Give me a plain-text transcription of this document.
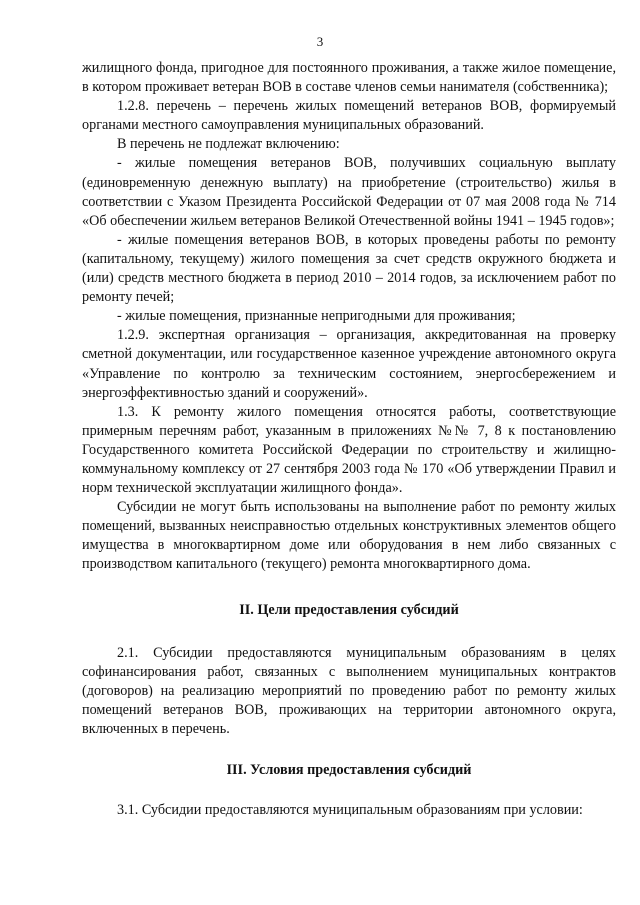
3

жилищного фонда, пригодное для постоянного проживания, а также жилое помещение, в котором проживает ветеран ВОВ в составе членов семьи нанимателя (собственника);

1.2.8. перечень – перечень жилых помещений ветеранов ВОВ, формируемый органами местного самоуправления муниципальных образований.

В перечень не подлежат включению:

- жилые помещения ветеранов ВОВ, получивших социальную выплату (единовременную денежную выплату) на приобретение (строительство) жилья в соответствии с Указом Президента Российской Федерации от 07 мая 2008 года № 714 «Об обеспечении жильем ветеранов Великой Отечественной войны 1941 – 1945 годов»;

- жилые помещения ветеранов ВОВ, в которых проведены работы по ремонту (капитальному, текущему) жилого помещения за счет средств окружного бюджета и (или) средств местного бюджета в период 2010 – 2014 годов, за исключением работ по ремонту печей;

- жилые помещения, признанные непригодными для проживания;

1.2.9. экспертная организация – организация, аккредитованная на проверку сметной документации, или государственное казенное учреждение автономного округа «Управление по контролю за техническим состоянием, энергосбережением и энергоэффективностью зданий и сооружений».

1.3. К ремонту жилого помещения относятся работы, соответствующие примерным перечням работ, указанным в приложениях №№ 7, 8 к постановлению Государственного комитета Российской Федерации по строительству и жилищно-коммунальному комплексу от 27 сентября 2003 года № 170 «Об утверждении Правил и норм технической эксплуатации жилищного фонда».

Субсидии не могут быть использованы на выполнение работ по ремонту жилых помещений, вызванных неисправностью отдельных конструктивных элементов общего имущества в многоквартирном доме или оборудования в нем либо связанных с производством капитального (текущего) ремонта многоквартирного дома.

II. Цели предоставления субсидий

2.1. Субсидии предоставляются муниципальным образованиям в целях софинансирования работ, связанных с выполнением муниципальных контрактов (договоров) на реализацию мероприятий по проведению работ по ремонту жилых помещений ветеранов ВОВ, проживающих на территории автономного округа, включенных в перечень.

III. Условия предоставления субсидий

3.1. Субсидии предоставляются муниципальным образованиям при условии:
